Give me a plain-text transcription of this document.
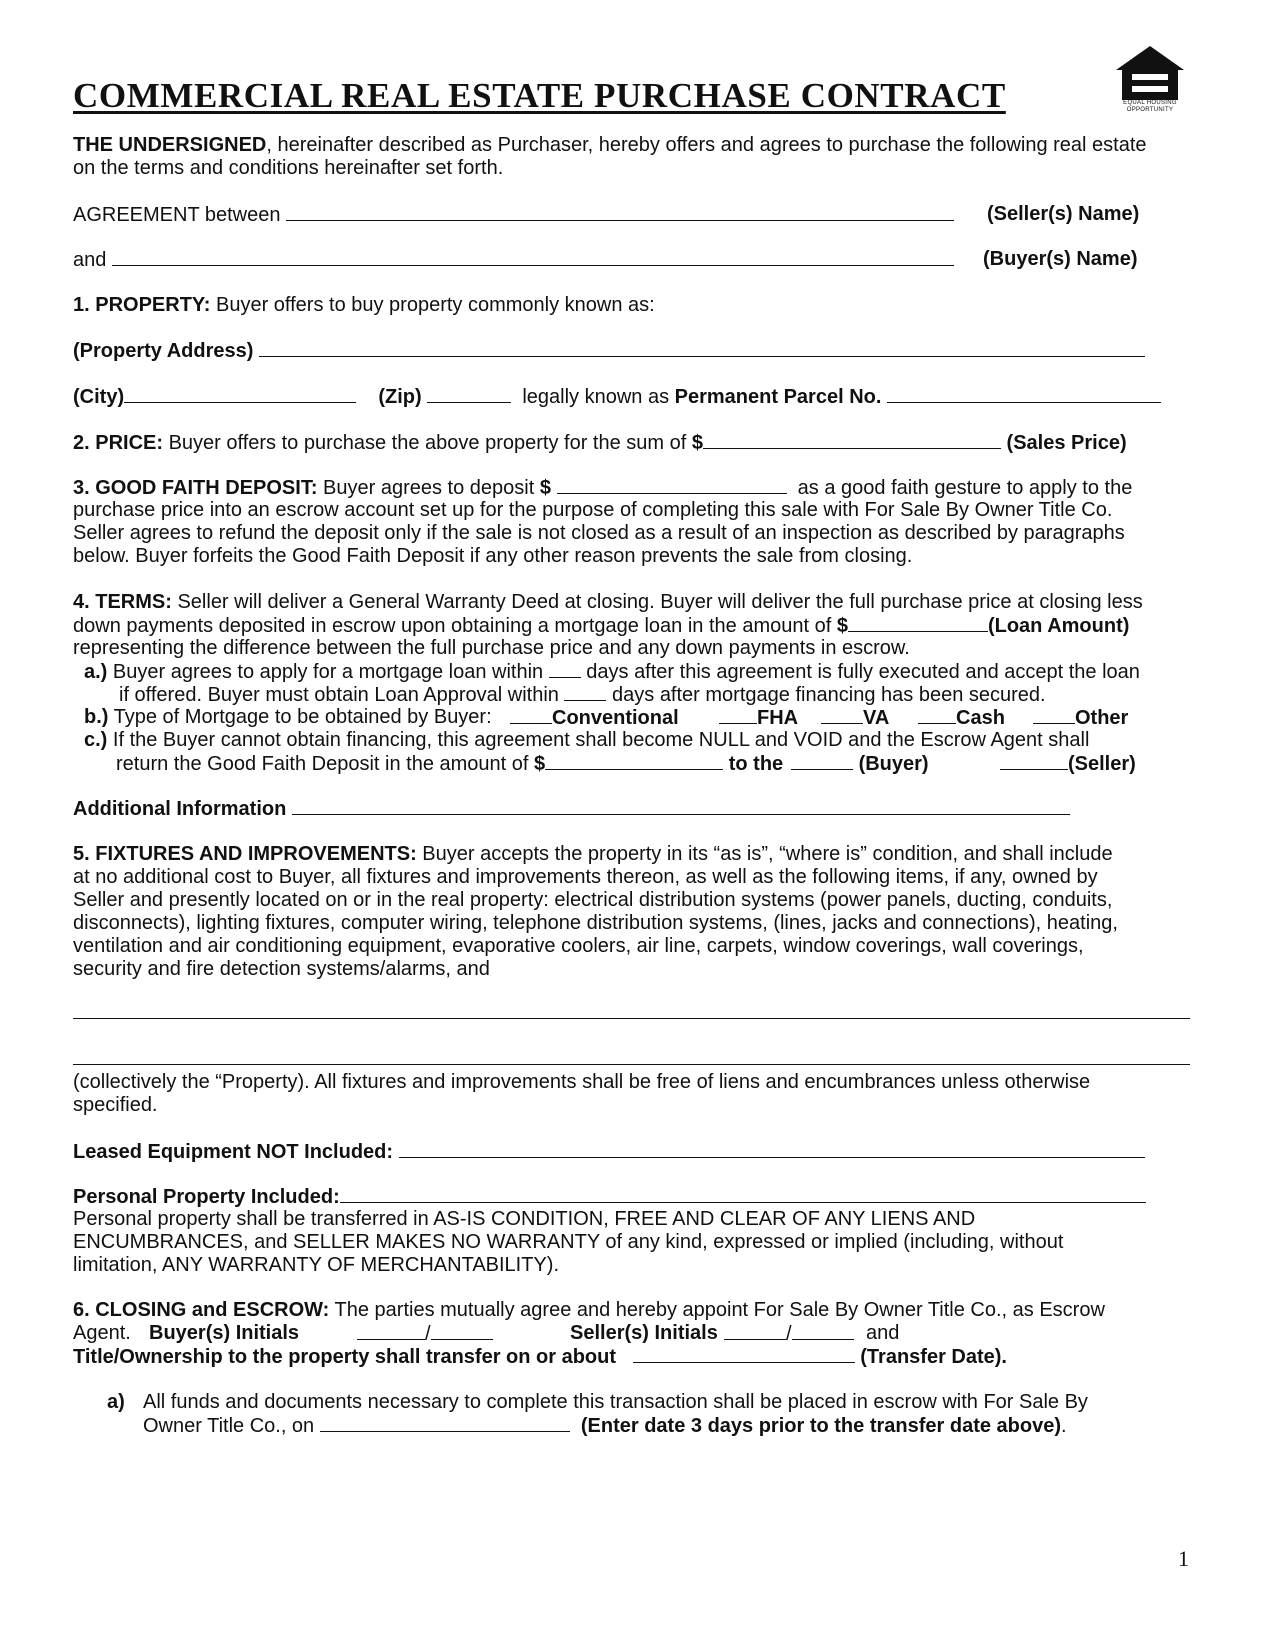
COMMERCIAL REAL ESTATE PURCHASE CONTRACT	EQUAL HOUSING OPPORTUNITY
THE UNDERSIGNED, hereinafter described as Purchaser, hereby offers and agrees to purchase the following real estate
on the terms and conditions hereinafter set forth.
AGREEMENT between	(Seller(s) Name)
and	(Buyer(s) Name)
1. PROPERTY: Buyer offers to buy property commonly known as:
(Property Address)
(City)	(Zip)	legally known as Permanent Parcel No.
2. PRICE: Buyer offers to purchase the above property for the sum of $	(Sales Price)
3. GOOD FAITH DEPOSIT: Buyer agrees to deposit $	as a good faith gesture to apply to the
purchase price into an escrow account set up for the purpose of completing this sale with For Sale By Owner Title Co.
Seller agrees to refund the deposit only if the sale is not closed as a result of an inspection as described by paragraphs
below. Buyer forfeits the Good Faith Deposit if any other reason prevents the sale from closing.
4. TERMS: Seller will deliver a General Warranty Deed at closing. Buyer will deliver the full purchase price at closing less
down payments deposited in escrow upon obtaining a mortgage loan in the amount of $	(Loan Amount)
representing the difference between the full purchase price and any down payments in escrow.
a.) Buyer agrees to apply for a mortgage loan within  days after this agreement is fully executed and accept the loan
if offered. Buyer must obtain Loan Approval within  days after mortgage financing has been secured.
b.) Type of Mortgage to be obtained by Buyer:	Conventional	FHA	VA	Cash	Other
c.) If the Buyer cannot obtain financing, this agreement shall become NULL and VOID and the Escrow Agent shall
return the Good Faith Deposit in the amount of $	to the	(Buyer)	(Seller)
Additional Information
5. FIXTURES AND IMPROVEMENTS: Buyer accepts the property in its “as is”, “where is” condition, and shall include
at no additional cost to Buyer, all fixtures and improvements thereon, as well as the following items, if any, owned by
Seller and presently located on or in the real property: electrical distribution systems (power panels, ducting, conduits,
disconnects), lighting fixtures, computer wiring, telephone distribution systems, (lines, jacks and connections), heating,
ventilation and air conditioning equipment, evaporative coolers, air line, carpets, window coverings, wall coverings,
security and fire detection systems/alarms, and
(collectively the “Property). All fixtures and improvements shall be free of liens and encumbrances unless otherwise
specified.
Leased Equipment NOT Included:
Personal Property Included:
Personal property shall be transferred in AS-IS CONDITION, FREE AND CLEAR OF ANY LIENS AND
ENCUMBRANCES, and SELLER MAKES NO WARRANTY of any kind, expressed or implied (including, without
limitation, ANY WARRANTY OF MERCHANTABILITY).
6. CLOSING and ESCROW: The parties mutually agree and hereby appoint For Sale By Owner Title Co., as Escrow
Agent. Buyer(s) Initials	/	Seller(s) Initials	/	and
Title/Ownership to the property shall transfer on or about	(Transfer Date).
a) All funds and documents necessary to complete this transaction shall be placed in escrow with For Sale By
Owner Title Co., on	(Enter date 3 days prior to the transfer date above).
1
